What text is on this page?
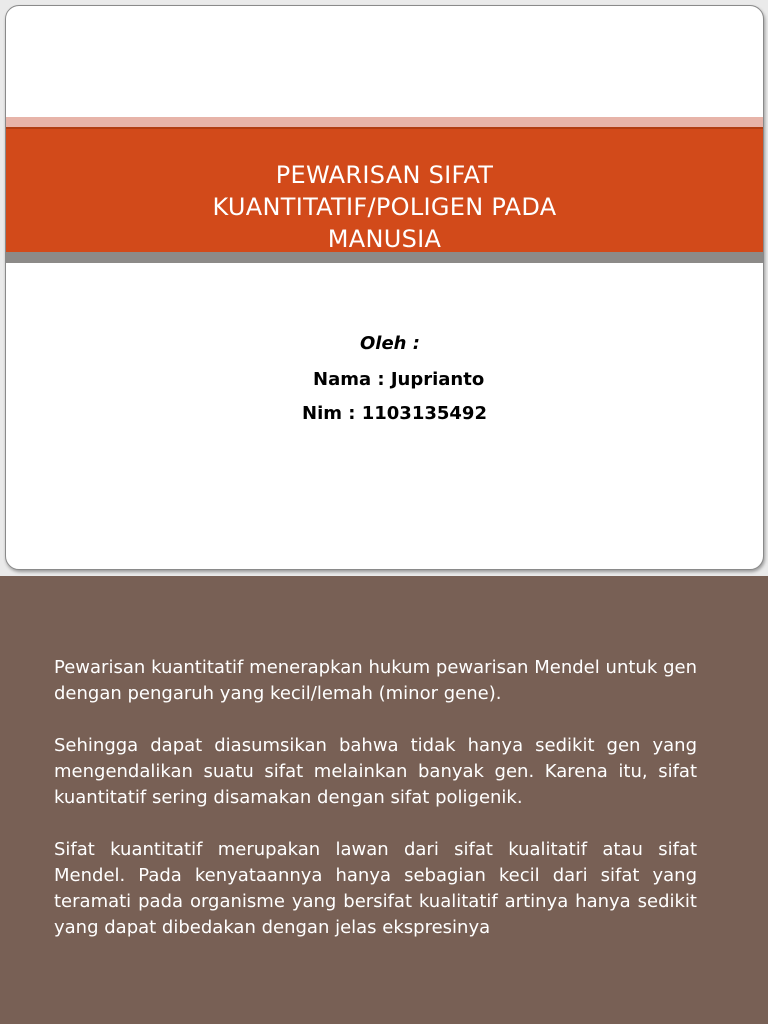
PEWARISAN SIFAT
KUANTITATIF/POLIGEN PADA
MANUSIA
Oleh :
Nama : Juprianto
Nim : 1103135492

Pewarisan kuantitatif menerapkan hukum pewarisan Mendel untuk gen dengan pengaruh yang kecil/lemah (minor gene).

Sehingga dapat diasumsikan bahwa tidak hanya sedikit gen yang mengendalikan suatu sifat melainkan banyak gen. Karena itu, sifat kuantitatif sering disamakan dengan sifat poligenik.

Sifat kuantitatif merupakan lawan dari sifat kualitatif atau sifat Mendel. Pada kenyataannya hanya sebagian kecil dari sifat yang teramati pada organisme yang bersifat kualitatif artinya hanya sedikit yang dapat dibedakan dengan jelas ekspresinya
